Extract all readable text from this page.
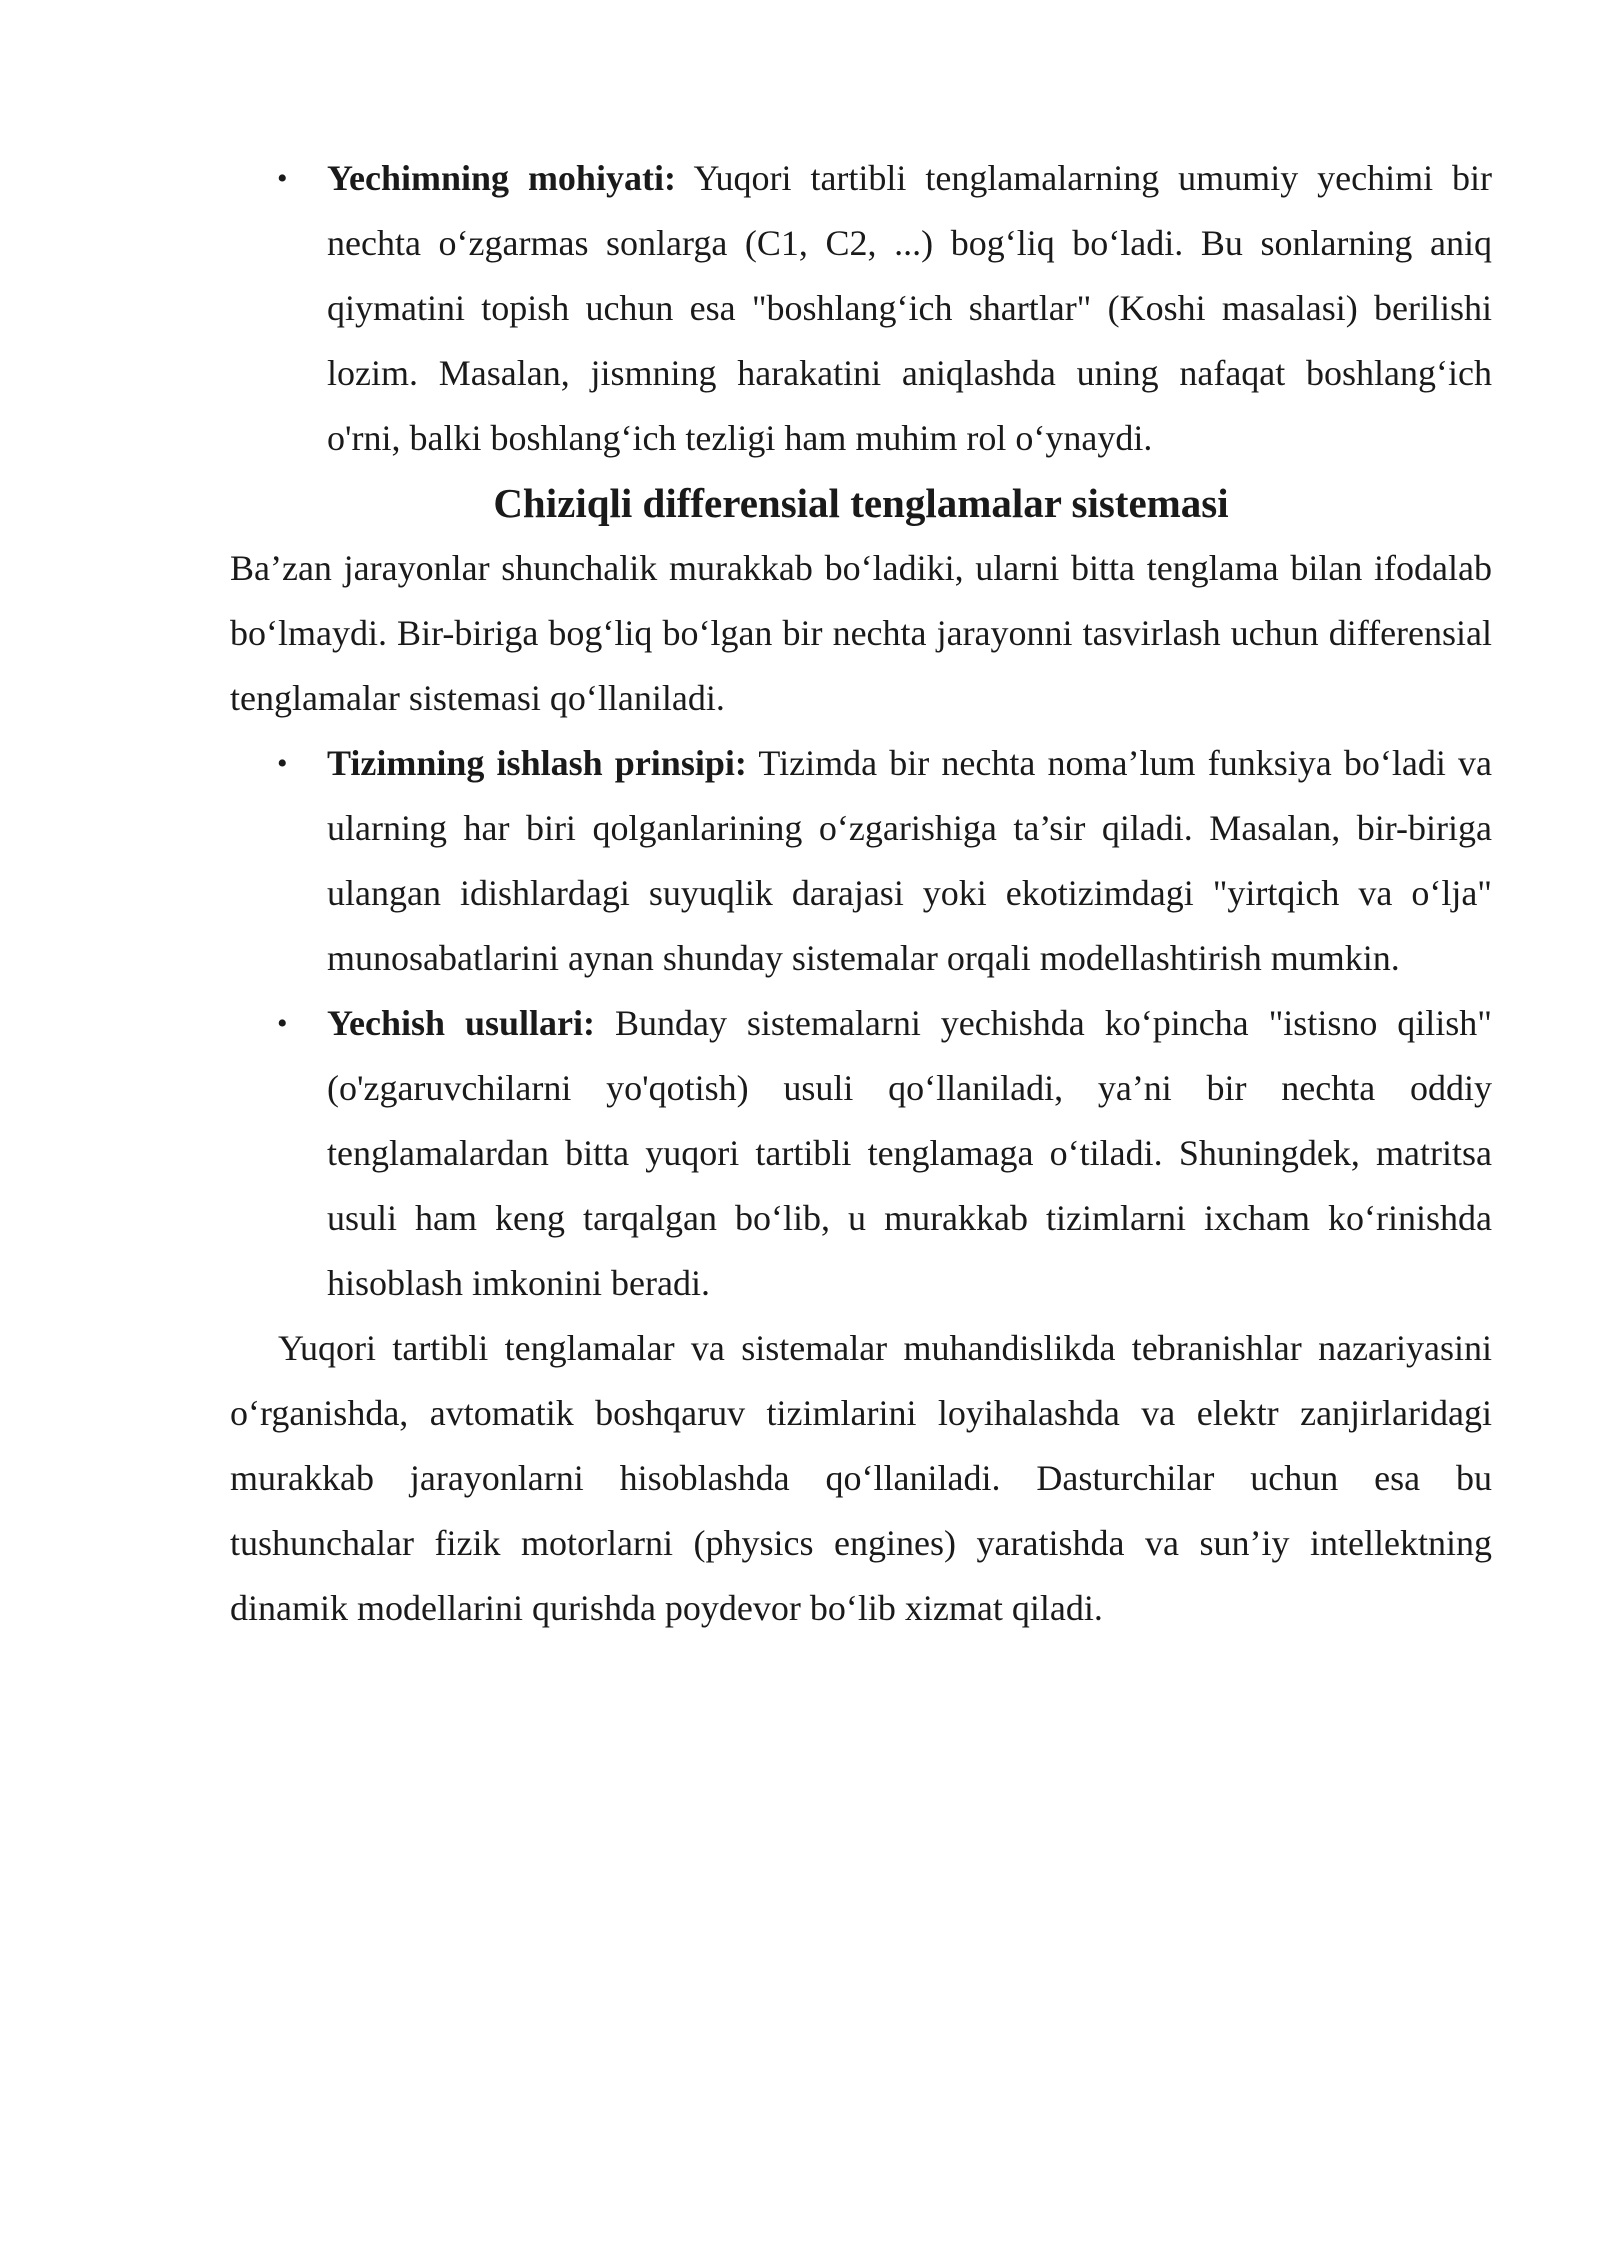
• Yechimning mohiyati: Yuqori tartibli tenglamalarning umumiy yechimi bir nechta o‘zgarmas sonlarga (C1, C2, ...) bog‘liq bo‘ladi. Bu sonlarning aniq qiymatini topish uchun esa "boshlang‘ich shartlar" (Koshi masalasi) berilishi lozim. Masalan, jismning harakatini aniqlashda uning nafaqat boshlang‘ich o'rni, balki boshlang‘ich tezligi ham muhim rol o‘ynaydi.
Chiziqli differensial tenglamalar sistemasi

Ba’zan jarayonlar shunchalik murakkab bo‘ladiki, ularni bitta tenglama bilan ifodalab bo‘lmaydi. Bir-biriga bog‘liq bo‘lgan bir nechta jarayonni tasvirlash uchun differensial tenglamalar sistemasi qo‘llaniladi.

• Tizimning ishlash prinsipi: Tizimda bir nechta noma’lum funksiya bo‘ladi va ularning har biri qolganlarining o‘zgarishiga ta’sir qiladi. Masalan, bir-biriga ulangan idishlardagi suyuqlik darajasi yoki ekotizimdagi "yirtqich va o‘lja" munosabatlarini aynan shunday sistemalar orqali modellashtirish mumkin.
• Yechish usullari: Bunday sistemalarni yechishda ko‘pincha "istisno qilish" (o'zgaruvchilarni yo'qotish) usuli qo‘llaniladi, ya’ni bir nechta oddiy tenglamalardan bitta yuqori tartibli tenglamaga o‘tiladi. Shuningdek, matritsa usuli ham keng tarqalgan bo‘lib, u murakkab tizimlarni ixcham ko‘rinishda hisoblash imkonini beradi.

Yuqori tartibli tenglamalar va sistemalar muhandislikda tebranishlar nazariyasini o‘rganishda, avtomatik boshqaruv tizimlarini loyihalashda va elektr zanjirlaridagi murakkab jarayonlarni hisoblashda qo‘llaniladi. Dasturchilar uchun esa bu tushunchalar fizik motorlarni (physics engines) yaratishda va sun’iy intellektning dinamik modellarini qurishda poydevor bo‘lib xizmat qiladi.
